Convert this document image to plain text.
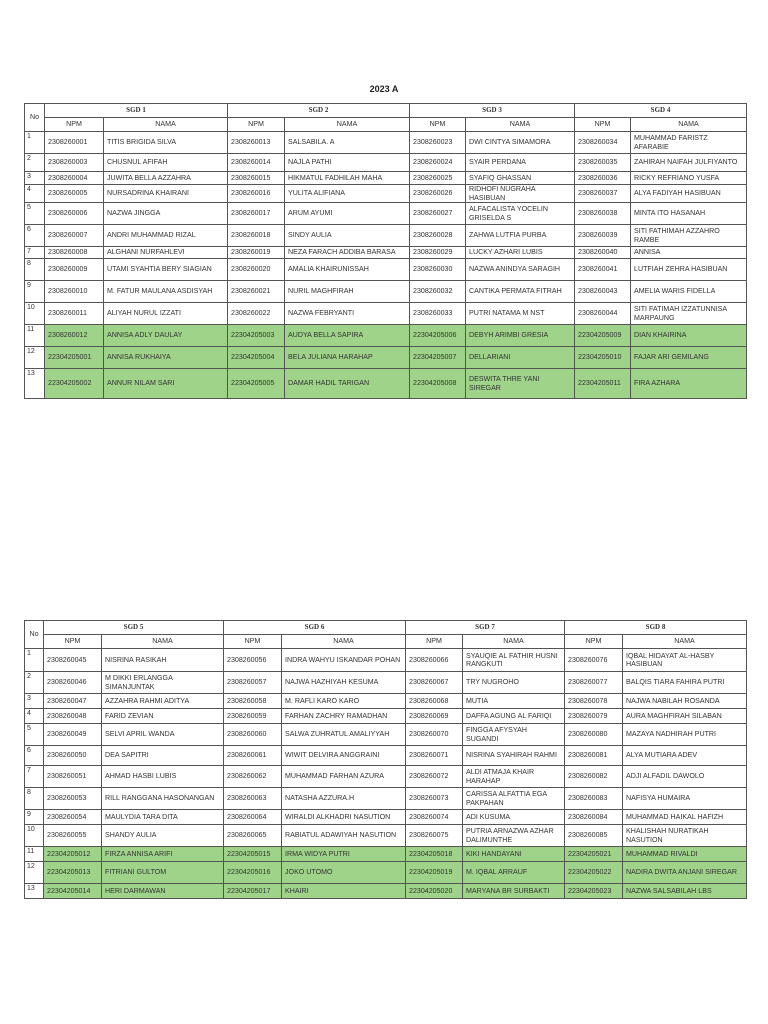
2023 A
No	SGD 1		SGD 2		SGD 3		SGD 4	
	NPM	NAMA	NPM	NAMA	NPM	NAMA	NPM	NAMA
1	2308260001	TITIS BRIGIDA SILVA	2308260013	SALSABILA. A	2308260023	DWI CINTYA SIMAMORA	2308260034	MUHAMMAD FARISTZ AFARABIE
2	2308260003	CHUSNUL AFIFAH	2308260014	NAJLA PATHI	2308260024	SYAIR PERDANA	2308260035	ZAHIRAH NAIFAH JULFIYANTO
3	2308260004	JUWITA BELLA AZZAHRA	2308260015	HIKMATUL FADHILAH MAHA	2308260025	SYAFIQ GHASSAN	2308260036	RICKY REFRIANO YUSFA
4	2308260005	NURSADRINA KHAIRANI	2308260016	YULITA ALIFIANA	2308260026	RIDHOFI NUGRAHA HASIBUAN	2308260037	ALYA FADIYAH HASIBUAN
5	2308260006	NAZWA JINGGA	2308260017	ARUM AYUMI	2308260027	ALFACALISTA YOCELIN GRISELDA S	2308260038	MINTA ITO HASANAH
6	2308260007	ANDRI MUHAMMAD RIZAL	2308260018	SINDY AULIA	2308260028	ZAHWA LUTFIA PURBA	2308260039	SITI FATHIMAH AZZAHRO RAMBE
7	2308260008	ALGHANI NURFAHLEVI	2308260019	NEZA FARACH ADDIBA BARASA	2308260029	LUCKY AZHARI LUBIS	2308260040	ANNISA
8	2308260009	UTAMI SYAHTIA BERY SIAGIAN	2308260020	AMALIA KHAIRUNISSAH	2308260030	NAZWA ANINDYA SARAGIH	2308260041	LUTFIAH ZEHRA HASIBUAN
9	2308260010	M. FATUR MAULANA ASDISYAH	2308260021	NURIL MAGHFIRAH	2308260032	CANTIKA PERMATA FITRAH	2308260043	AMELIA WARIS FIDELLA
10	2308260011	ALIYAH NURUL IZZATI	2308260022	NAZWA FEBRYANTI	2308260033	PUTRI NATAMA M NST	2308260044	SITI FATIMAH IZZATUNNISA MARPAUNG
11	2308260012	ANNISA ADLY DAULAY	22304205003	AUDYA BELLA SAPIRA	22304205006	DEBYH ARIMBI GRESIA	22304205009	DIAN KHAIRINA
12	22304205001	ANNISA RUKHAIYA	22304205004	BELA JULIANA HARAHAP	22304205007	DELLARIANI	22304205010	FAJAR ARI GEMILANG
13	22304205002	ANNUR NILAM SARI	22304205005	DAMAR HADIL TARIGAN	22304205008	DESWITA THRE YANI SIREGAR	22304205011	FIRA AZHARA
No	SGD 5		SGD 6		SGD 7		SGD 8	
	NPM	NAMA	NPM	NAMA	NPM	NAMA	NPM	NAMA
1	2308260045	NISRINA RASIKAH	2308260056	INDRA WAHYU ISKANDAR POHAN	2308260066	SYAUQIE AL FATHIR HUSNI RANGKUTI	2308260076	IQBAL HIDAYAT AL-HASBY HASIBUAN
2	2308260046	M DIKKI ERLANGGA SIMANJUNTAK	2308260057	NAJWA HAZHIYAH KESUMA	2308260067	TRY NUGROHO	2308260077	BALQIS TIARA FAHIRA PUTRI
3	2308260047	AZZAHRA RAHMI ADITYA	2308260058	M. RAFLI KARO KARO	2308260068	MUTIA	2308260078	NAJWA NABILAH ROSANDA
4	2308260048	FARID ZEVIAN	2308260059	FARHAN ZACHRY RAMADHAN	2308260069	DAFFA AGUNG AL FARIQI	2308260079	AURA MAGHFIRAH SILABAN
5	2308260049	SELVI APRIL WANDA	2308260060	SALWA ZUHRATUL AMALIYYAH	2308260070	FINGGA AFYSYAH SUGANDI	2308260080	MAZAYA NADHIRAH PUTRI
6	2308260050	DEA SAPITRI	2308260061	WIWIT DELVIRA ANGGRAINI	2308260071	NISRINA SYAHIRAH RAHMI	2308260081	ALYA MUTIARA ADEV
7	2308260051	AHMAD HASBI LUBIS	2308260062	MUHAMMAD FARHAN AZURA	2308260072	ALDI ATMAJA KHAIR HARAHAP	2308260082	ADJI ALFADIL DAWOLO
8	2308260053	RILL RANGGANA HASONANGAN	2308260063	NATASHA AZZURA.H	2308260073	CARISSA ALFATTIA EGA PAKPAHAN	2308260083	NAFISYA HUMAIRA
9	2308260054	MAULYDIA TARA DITA	2308260064	WIRALDI ALKHADRI NASUTION	2308260074	ADI KUSUMA	2308260084	MUHAMMAD HAIKAL HAFIZH
10	2308260055	SHANDY AULIA	2308260065	RABIATUL ADAWIYAH NASUTION	2308260075	PUTRIA ARNAZWA AZHAR DALIMUNTHE	2308260085	KHALISHAH NURATIKAH NASUTION
11	22304205012	FIRZA ANNISA ARIFI	22304205015	IRMA WIDYA PUTRI	22304205018	KIKI HANDAYANI	22304205021	MUHAMMAD RIVALDI
12	22304205013	FITRIANI GULTOM	22304205016	JOKO UTOMO	22304205019	M. IQBAL ARRAUF	22304205022	NADIRA DWITA ANJANI SIREGAR
13	22304205014	HERI DARMAWAN	22304205017	KHAIRI	22304205020	MARYANA BR SURBAKTI	22304205023	NAZWA SALSABILAH LBS
